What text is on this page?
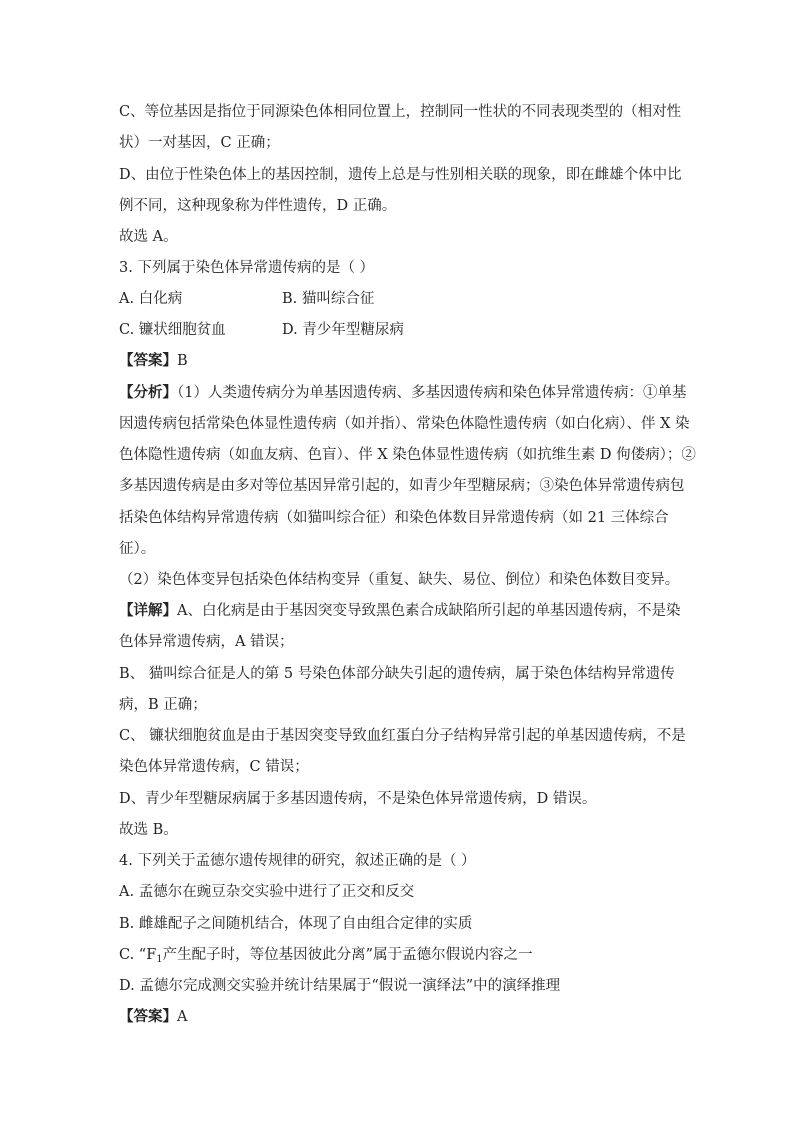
C、等位基因是指位于同源染色体相同位置上，控制同一性状的不同表现类型的（相对性
状）一对基因，C 正确；
D、由位于性染色体上的基因控制，遗传上总是与性别相关联的现象，即在雌雄个体中比
例不同，这种现象称为伴性遗传，D 正确。
故选 A。
3. 下列属于染色体异常遗传病的是（ ）
A. 白化病	B. 猫叫综合征
C. 镰状细胞贫血	D. 青少年型糖尿病
【答案】B
【分析】（1）人类遗传病分为单基因遗传病、多基因遗传病和染色体异常遗传病：①单基
因遗传病包括常染色体显性遗传病（如并指）、常染色体隐性遗传病（如白化病）、伴 X 染
色体隐性遗传病（如血友病、色盲）、伴 X 染色体显性遗传病（如抗维生素 D 佝偻病）；②
多基因遗传病是由多对等位基因异常引起的，如青少年型糖尿病；③染色体异常遗传病包
括染色体结构异常遗传病（如猫叫综合征）和染色体数目异常遗传病（如 21 三体综合
征）。
（2）染色体变异包括染色体结构变异（重复、缺失、易位、倒位）和染色体数目变异。
【详解】A、白化病是由于基因突变导致黑色素合成缺陷所引起的单基因遗传病，不是染
色体异常遗传病，A 错误；
B、 猫叫综合征是人的第 5 号染色体部分缺失引起的遗传病，属于染色体结构异常遗传
病，B 正确；
C、 镰状细胞贫血是由于基因突变导致血红蛋白分子结构异常引起的单基因遗传病，不是
染色体异常遗传病，C 错误；
D、青少年型糖尿病属于多基因遗传病，不是染色体异常遗传病，D 错误。
故选 B。
4. 下列关于孟德尔遗传规律的研究，叙述正确的是（ ）
A. 孟德尔在豌豆杂交实验中进行了正交和反交
B. 雌雄配子之间随机结合，体现了自由组合定律的实质
C. “$F_1$产生配子时，等位基因彼此分离”属于孟德尔假说内容之一
D. 孟德尔完成测交实验并统计结果属于“假说一演绎法”中的演绎推理
【答案】A
